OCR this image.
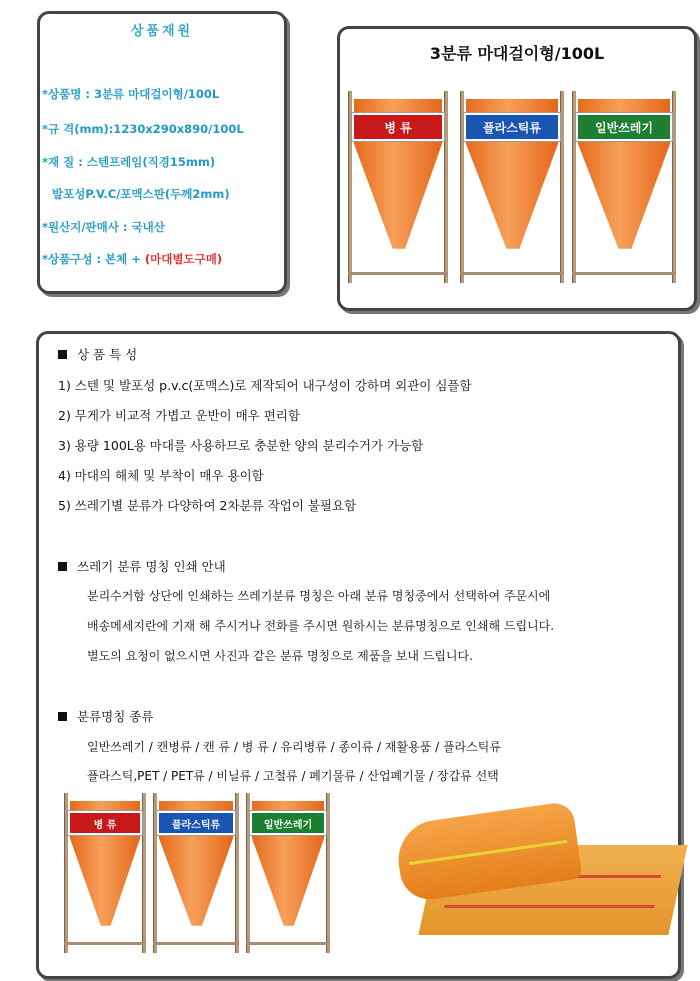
상품재원
*상품명 : 3분류 마대걸이형/100L
*규 격(mm):1230x290x890/100L
*재 질 : 스텐프레임(직경15mm)
발포성P.V.C/포맥스판(두께2mm)
*원산지/판매사 : 국내산
*상품구성 : 본체 + (마대별도구매)
3분류 마대걸이형/100L
병 류	플라스틱류	일반쓰레기
상 품 특 성
1) 스텐 및 발포성 p.v.c(포맥스)로 제작되어 내구성이 강하며 외관이 심플함
2) 무게가 비교적 가볍고 운반이 매우 편리함
3) 용량 100L용 마대를 사용하므로 충분한 양의 분리수거가 가능함
4) 마대의 해체 및 부착이 매우 용이함
5) 쓰레기별 분류가 다양하여 2차분류 작업이 불필요함
쓰레기 분류 명칭 인쇄 안내
분리수거함 상단에 인쇄하는 쓰레기분류 명칭은 아래 분류 명칭중에서 선택하여 주문시에
배송메세지란에 기재 해 주시거나 전화를 주시면 원하시는 분류명칭으로 인쇄해 드립니다.
별도의 요청이 없으시면 사진과 같은 분류 명칭으로 제품을 보내 드립니다.
분류명칭 종류
일반쓰레기 / 캔병류 / 캔 류 / 병 류 / 유리병류 / 종이류 / 재활용품 / 플라스틱류
플라스틱,PET / PET류 / 비닐류 / 고철류 / 폐기물류 / 산업폐기물 / 장갑류 선택
병 류	플라스틱류	일반쓰레기
